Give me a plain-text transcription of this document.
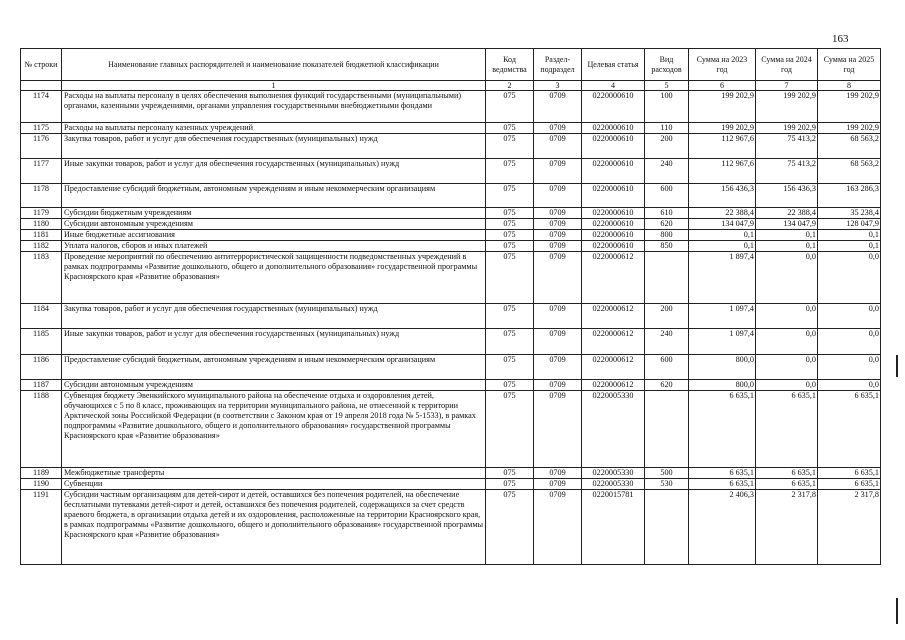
163
№ строки	Наименование главных распорядителей и наименование показателей бюджетной классификации	Код ведомства	Раздел-подраздел	Целевая статья	Вид расходов	Сумма на 2023 год	Сумма на 2024 год	Сумма на 2025 год
	1	2	3	4	5	6	7	8
1174	Расходы на выплаты персоналу в целях обеспечения выполнения функций государственными (муниципальными) органами, казенными учреждениями, органами управления государственными внебюджетными фондами	075	0709	0220000610	100	199 202,9	199 202,9	199 202,9
1175	Расходы на выплаты персоналу казенных учреждений	075	0709	0220000610	110	199 202,9	199 202,9	199 202,9
1176	Закупка товаров, работ и услуг для обеспечения государственных (муниципальных) нужд	075	0709	0220000610	200	112 967,6	75 413,2	68 563,2
1177	Иные закупки товаров, работ и услуг для обеспечения государственных (муниципальных) нужд	075	0709	0220000610	240	112 967,6	75 413,2	68 563,2
1178	Предоставление субсидий бюджетным, автономным учреждениям и иным некоммерческим организациям	075	0709	0220000610	600	156 436,3	156 436,3	163 286,3
1179	Субсидии бюджетным учреждениям	075	0709	0220000610	610	22 388,4	22 388,4	35 238,4
1180	Субсидии автономным учреждениям	075	0709	0220000610	620	134 047,9	134 047,9	128 047,9
1181	Иные бюджетные ассигнования	075	0709	0220000610	800	0,1	0,1	0,1
1182	Уплата налогов, сборов и иных платежей	075	0709	0220000610	850	0,1	0,1	0,1
1183	Проведение мероприятий по обеспечению антитеррористической защищенности подведомственных учреждений в рамках подпрограммы «Развитие дошкольного, общего и дополнительного образования» государственной программы Красноярского края «Развитие образования»	075	0709	0220000612		1 897,4	0,0	0,0
1184	Закупка товаров, работ и услуг для обеспечения государственных (муниципальных) нужд	075	0709	0220000612	200	1 097,4	0,0	0,0
1185	Иные закупки товаров, работ и услуг для обеспечения государственных (муниципальных) нужд	075	0709	0220000612	240	1 097,4	0,0	0,0
1186	Предоставление субсидий бюджетным, автономным учреждениям и иным некоммерческим организациям	075	0709	0220000612	600	800,0	0,0	0,0
1187	Субсидии автономным учреждениям	075	0709	0220000612	620	800,0	0,0	0,0
1188	Субвенция бюджету Эвенкийского муниципального района на обеспечение отдыха и оздоровления детей, обучающихся с 5 по 8 класс, проживающих на территории муниципального района, не отнесенной к территории Арктической зоны Российской Федерации (в соответствии с Законом края от 19 апреля 2018 года № 5-1533), в рамках подпрограммы «Развитие дошкольного, общего и дополнительного образования» государственной программы Красноярского края «Развитие образования»	075	0709	0220005330		6 635,1	6 635,1	6 635,1
1189	Межбюджетные трансферты	075	0709	0220005330	500	6 635,1	6 635,1	6 635,1
1190	Субвенции	075	0709	0220005330	530	6 635,1	6 635,1	6 635,1
1191	Субсидии частным организациям для детей-сирот и детей, оставшихся без попечения родителей, на обеспечение бесплатными путевками детей-сирот и детей, оставшихся без попечения родителей, содержащихся за счет средств краевого бюджета, в организации отдыха детей и их оздоровления, расположенные на территории Красноярского края, в рамках подпрограммы «Развитие дошкольного, общего и дополнительного образования» государственной программы Красноярского края «Развитие образования»	075	0709	0220015781		2 406,3	2 317,8	2 317,8
